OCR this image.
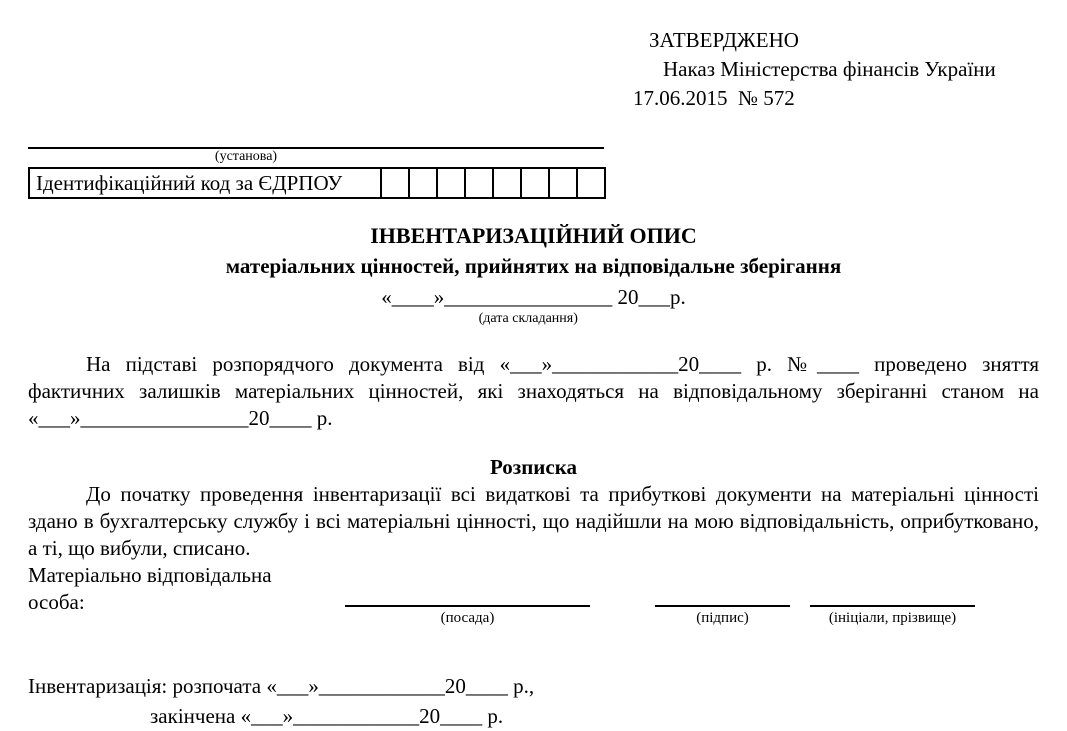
ЗАТВЕРДЖЕНО
Наказ Міністерства фінансів України
17.06.2015  № 572
(установа)
Ідентифікаційний код за ЄДРПОУ
ІНВЕНТАРИЗАЦІЙНИЙ ОПИС
матеріальних цінностей, прийнятих на відповідальне зберігання
«____»________________
(дата складання)
20___р.
На підставі розпорядчого документа від «___»____________20____ р. №____ проведено зняття фактичних залишків матеріальних цінностей, які знаходяться на відповідальному зберіганні станом на «___»________________20____ р.
Розписка
До початку проведення інвентаризації всі видаткові та прибуткові документи на матеріальні цінності здано в бухгалтерську службу і всі матеріальні цінності, що надійшли на мою відповідальність, оприбутковано, а ті, що вибули, списано.
Матеріально відповідальна
особа:
(посада)	(підпис)	(ініціали, прізвище)
Інвентаризація: розпочата «___»____________20____ р.,
закінчена «___»____________20____ р.
